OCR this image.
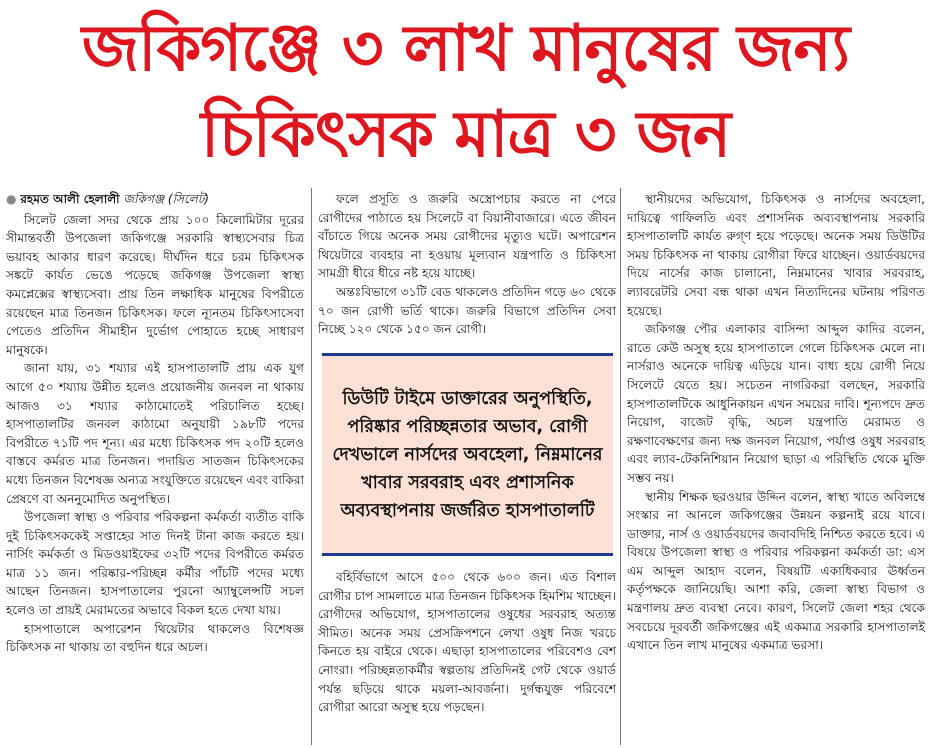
জকিগঞ্জে ৩ লাখ মানুষের জন্য
চিকিৎসক মাত্র ৩ জন
● রহমত আলী হেলালী জকিগঞ্জ (সিলেট)

সিলেট জেলা সদর থেকে প্রায় ১০০ কিলোমিটার দূরের সীমান্তবর্তী উপজেলা জকিগঞ্জে সরকারি স্বাস্থ্যসেবার চিত্র ভয়াবহ আকার ধারণ করেছে। দীর্ঘদিন ধরে চরম চিকিৎসক সঙ্কটে কার্যত ভেঙে পড়েছে জকিগঞ্জ উপজেলা স্বাস্থ্য কমপ্লেক্সের স্বাস্থ্যসেবা। প্রায় তিন লক্ষাধিক মানুষের বিপরীতে রয়েছেন মাত্র তিনজন চিকিৎসক। ফলে ন্যূনতম চিকিৎসাসেবা পেতেও প্রতিদিন সীমাহীন দুর্ভোগ পোহাতে হচ্ছে সাধারণ মানুষকে।

জানা যায়, ৩১ শয্যার এই হাসপাতালটি প্রায় এক যুগ আগে ৫০ শয্যায় উন্নীত হলেও প্রয়োজনীয় জনবল না থাকায় আজও ৩১ শয্যার কাঠামোতেই পরিচালিত হচ্ছে। হাসপাতালটির জনবল কাঠামো অনুযায়ী ১৯৮টি পদের বিপরীতে ৭১টি পদ শূন্য। এর মধ্যে চিকিৎসক পদ ২০টি হলেও বাস্তবে কর্মরত মাত্র তিনজন। পদায়িত সাতজন চিকিৎসকের মধ্যে তিনজন বিশেষজ্ঞ অন্যত্র সংযুক্তিতে রয়েছেন এবং বাকিরা প্রেষণে বা অননুমোদিত অনুপস্থিত।

উপজেলা স্বাস্থ্য ও পরিবার পরিকল্পনা কর্মকর্তা ব্যতীত বাকি দুই চিকিৎসককেই সপ্তাহের সাত দিনই টানা কাজ করতে হয়। নার্সিং কর্মকর্তা ও মিডওয়াইফের ৩২টি পদের বিপরীতে কর্মরত মাত্র ১১ জন। পরিষ্কার-পরিচ্ছন্ন কর্মীর পাঁচটি পদের মধ্যে আছেন তিনজন। হাসপাতালের পুরনো অ্যাম্বুলেন্সটি সচল হলেও তা প্রায়ই মেরামতের অভাবে বিকল হতে দেখা যায়।

হাসপাতালে অপারেশন থিয়েটার থাকলেও বিশেষজ্ঞ চিকিৎসক না থাকায় তা বহুদিন ধরে অচল।

ফলে প্রসূতি ও জরুরি অস্ত্রোপচার করতে না পেরে রোগীদের পাঠাতে হয় সিলেটে বা বিয়ানীবাজারে। এতে জীবন বাঁচাতে গিয়ে অনেক সময় রোগীদের মৃত্যুও ঘটে। অপারেশন থিয়েটারে ব্যবহার না হওয়ায় মূল্যবান যন্ত্রপাতি ও চিকিৎসা সামগ্রী ধীরে ধীরে নষ্ট হয়ে যাচ্ছে।

অন্তঃবিভাগে ৩১টি বেড থাকলেও প্রতিদিন গড়ে ৬০ থেকে ৭০ জন রোগী ভর্তি থাকে। জরুরি বিভাগে প্রতিদিন সেবা নিচ্ছে ১২০ থেকে ১৫০ জন রোগী।

ডিউটি টাইমে ডাক্তারের অনুপস্থিতি, পরিষ্কার পরিচ্ছন্নতার অভাব, রোগী দেখভালে নার্সদের অবহেলা, নিম্নমানের খাবার সরবরাহ এবং প্রশাসনিক অব্যবস্থাপনায় জর্জরিত হাসপাতালটি

বহির্বিভাগে আসে ৫০০ থেকে ৬০০ জন। এত বিশাল রোগীর চাপ সামলাতে মাত্র তিনজন চিকিৎসক হিমশিম খাচ্ছেন। রোগীদের অভিযোগ, হাসপাতালের ওষুধের সরবরাহ অত্যন্ত সীমিত। অনেক সময় প্রেসক্রিপশনে লেখা ওষুধ নিজ খরচে কিনতে হয় বাইরে থেকে। এছাড়া হাসপাতালের পরিবেশও বেশ নোংরা। পরিচ্ছন্নতাকর্মীর স্বল্পতায় প্রতিদিনই গেট থেকে ওয়ার্ড পর্যন্ত ছড়িয়ে থাকে ময়লা-আবর্জনা। দুর্গন্ধযুক্ত পরিবেশে রোগীরা আরো অসুস্থ হয়ে পড়ছেন।

স্থানীয়দের অভিযোগ, চিকিৎসক ও নার্সদের অবহেলা, দায়িত্বে গাফিলতি এবং প্রশাসনিক অব্যবস্থাপনায় সরকারি হাসপাতালটি কার্যত রুগ্ণ হয়ে পড়েছে। অনেক সময় ডিউটির সময় চিকিৎসক না থাকায় রোগীরা ফিরে যাচ্ছেন। ওয়ার্ডবয়দের দিয়ে নার্সের কাজ চালানো, নিম্নমানের খাবার সরবরাহ, ল্যাবরেটরি সেবা বন্ধ থাকা এখন নিত্যদিনের ঘটনায় পরিণত হয়েছে।

জকিগঞ্জ পৌর এলাকার বাসিন্দা আব্দুল কাদির বলেন, রাতে কেউ অসুস্থ হয়ে হাসপাতালে গেলে চিকিৎসক মেলে না। নার্সরাও অনেকে দায়িত্ব এড়িয়ে যান। বাধ্য হয়ে রোগী নিয়ে সিলেটে যেতে হয়। সচেতন নাগরিকরা বলছেন, সরকারি হাসপাতালটিকে আধুনিকায়ন এখন সময়ের দাবি। শূন্যপদে দ্রুত নিয়োগ, বাজেট বৃদ্ধি, অচল যন্ত্রপাতি মেরামত ও রক্ষণাবেক্ষণের জন্য দক্ষ জনবল নিয়োগ, পর্যাপ্ত ওষুধ সরবরাহ এবং ল্যাব-টেকনিশিয়ান নিয়োগ ছাড়া এ পরিস্থিতি থেকে মুক্তি সম্ভব নয়।

স্থানীয় শিক্ষক ছরওয়ার উদ্দিন বলেন, স্বাস্থ্য খাতে অবিলম্বে সংস্কার না আনলে জকিগঞ্জের উন্নয়ন কল্পনাই রয়ে যাবে। ডাক্তার, নার্স ও ওয়ার্ডবয়দের জবাবদিহি নিশ্চিত করতে হবে। এ বিষয়ে উপজেলা স্বাস্থ্য ও পরিবার পরিকল্পনা কর্মকর্তা ডা: এস এম আব্দুল আহাদ বলেন, বিষয়টি একাধিকবার ঊর্ধ্বতন কর্তৃপক্ষকে জানিয়েছি। আশা করি, জেলা স্বাস্থ্য বিভাগ ও মন্ত্রণালয় দ্রুত ব্যবস্থা নেবে। কারণ, সিলেট জেলা শহর থেকে সবচেয়ে দূরবর্তী জকিগঞ্জের এই একমাত্র সরকারি হাসপাতালই এখানে তিন লাখ মানুষের একমাত্র ভরসা।
